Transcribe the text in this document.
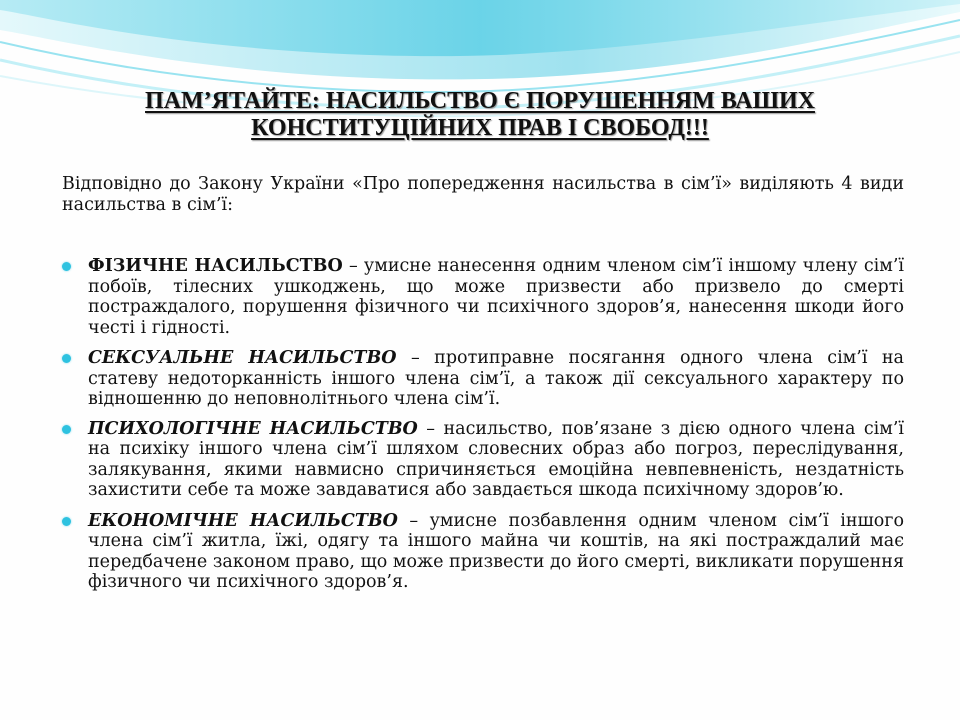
ПАМ’ЯТАЙТЕ: НАСИЛЬСТВО Є ПОРУШЕННЯМ ВАШИХ
КОНСТИТУЦІЙНИХ ПРАВ І СВОБОД!!!
Відповідно до Закону України «Про попередження насильства в сім’ї» виділяють 4 види насильства в сім’ї:
ФІЗИЧНЕ НАСИЛЬСТВО – умисне нанесення одним членом сім’ї іншому члену сім’ї побоїв, тілесних ушкоджень, що може призвести або призвело до смерті постраждалого, порушення фізичного чи психічного здоров’я, нанесення шкоди його честі і гідності.
СЕКСУАЛЬНЕ НАСИЛЬСТВО – протиправне посягання одного члена сім’ї на статеву недоторканність іншого члена сім’ї, а також дії сексуального характеру по відношенню до неповнолітнього члена сім’ї.
ПСИХОЛОГІЧНЕ НАСИЛЬСТВО – насильство, пов’язане з дією одного члена сім’ї на психіку іншого члена сім’ї шляхом словесних образ або погроз, переслідування, залякування, якими навмисно спричиняється емоційна невпевненість, нездатність захистити себе та може завдаватися або завдається шкода психічному здоров’ю.
ЕКОНОМІЧНЕ НАСИЛЬСТВО – умисне позбавлення одним членом сім’ї іншого члена сім’ї житла, їжі, одягу та іншого майна чи коштів, на які постраждалий має передбачене законом право, що може призвести до його смерті, викликати порушення фізичного чи психічного здоров’я.
